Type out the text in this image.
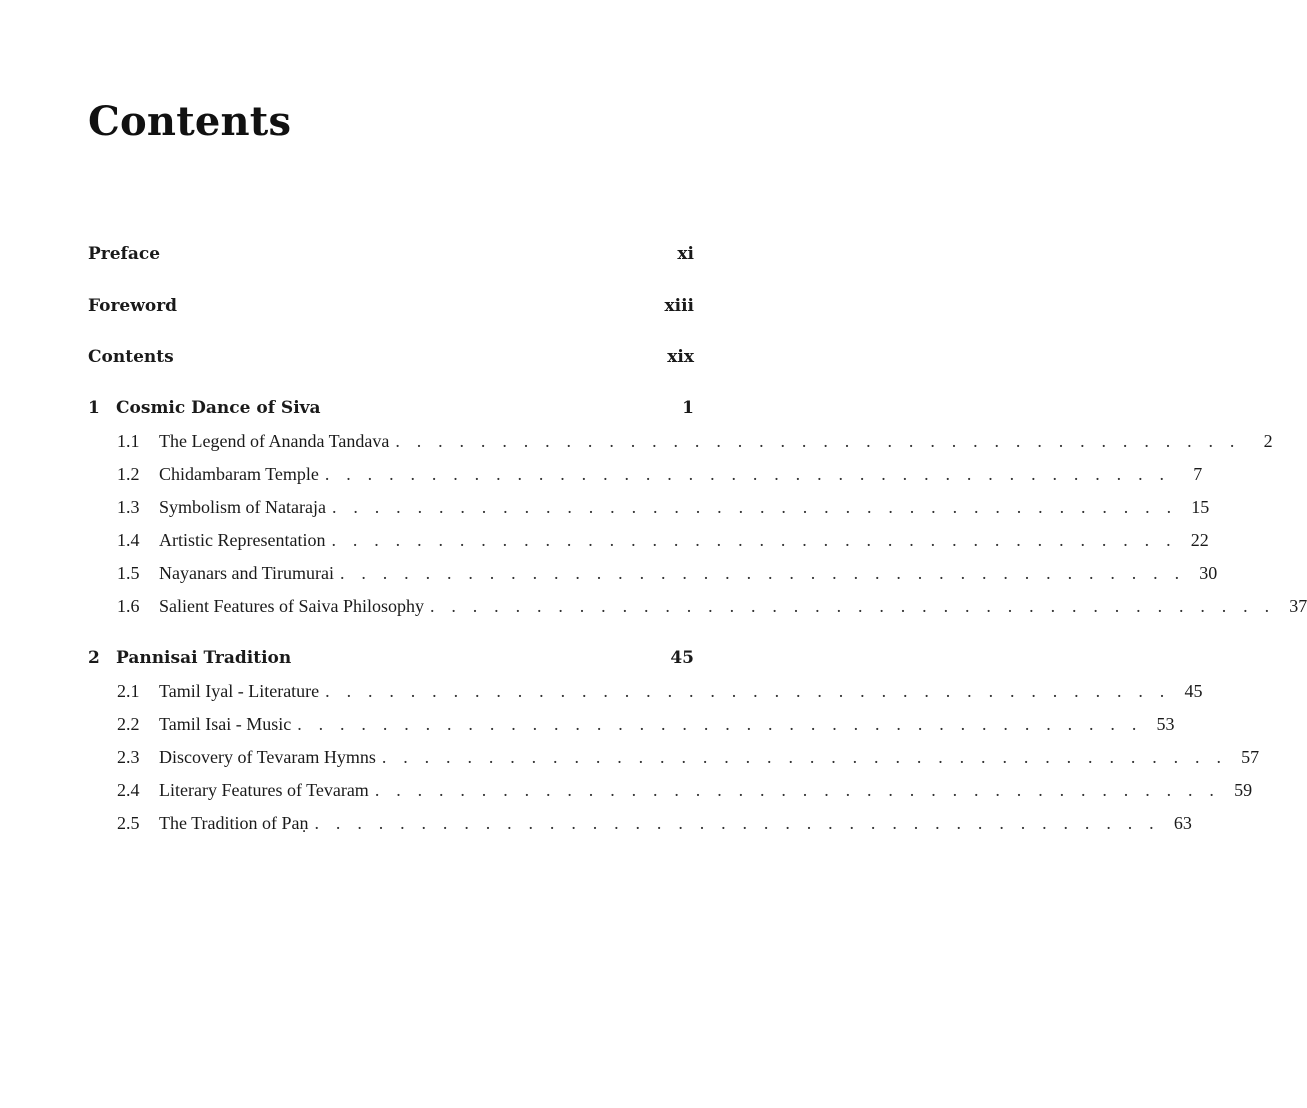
Contents
Preface	xi
Foreword	xiii
Contents	xix
1 Cosmic Dance of Siva	1
1.1	The Legend of Ananda Tandava . . . . . . . . . . . . . . . . . . . . . . . . . . . . . . . . . . . . . . . .	2
1.2	Chidambaram Temple . . . . . . . . . . . . . . . . . . . . . . . . . . . . . . . . . . . . . . . .	7
1.3	Symbolism of Nataraja . . . . . . . . . . . . . . . . . . . . . . . . . . . . . . . . . . . . . . . . 15
1.4	Artistic Representation . . . . . . . . . . . . . . . . . . . . . . . . . . . . . . . . . . . . . . . . 22
1.5	Nayanars and Tirumurai . . . . . . . . . . . . . . . . . . . . . . . . . . . . . . . . . . . . . . . . 30
1.6	Salient Features of Saiva Philosophy . . . . . . . . . . . . . . . . . . . . . . . . . . . . . . . . . . . . . . . . 37
2 Pannisai Tradition	45
2.1	Tamil Iyal - Literature . . . . . . . . . . . . . . . . . . . . . . . . . . . . . . . . . . . . . . . . 45
2.2	Tamil Isai - Music . . . . . . . . . . . . . . . . . . . . . . . . . . . . . . . . . . . . . . . . 53
2.3	Discovery of Tevaram Hymns . . . . . . . . . . . . . . . . . . . . . . . . . . . . . . . . . . . . . . . . 57
2.4	Literary Features of Tevaram . . . . . . . . . . . . . . . . . . . . . . . . . . . . . . . . . . . . . . . . 59
2.5	The Tradition of Paṇ . . . . . . . . . . . . . . . . . . . . . . . . . . . . . . . . . . . . . . . . 63
